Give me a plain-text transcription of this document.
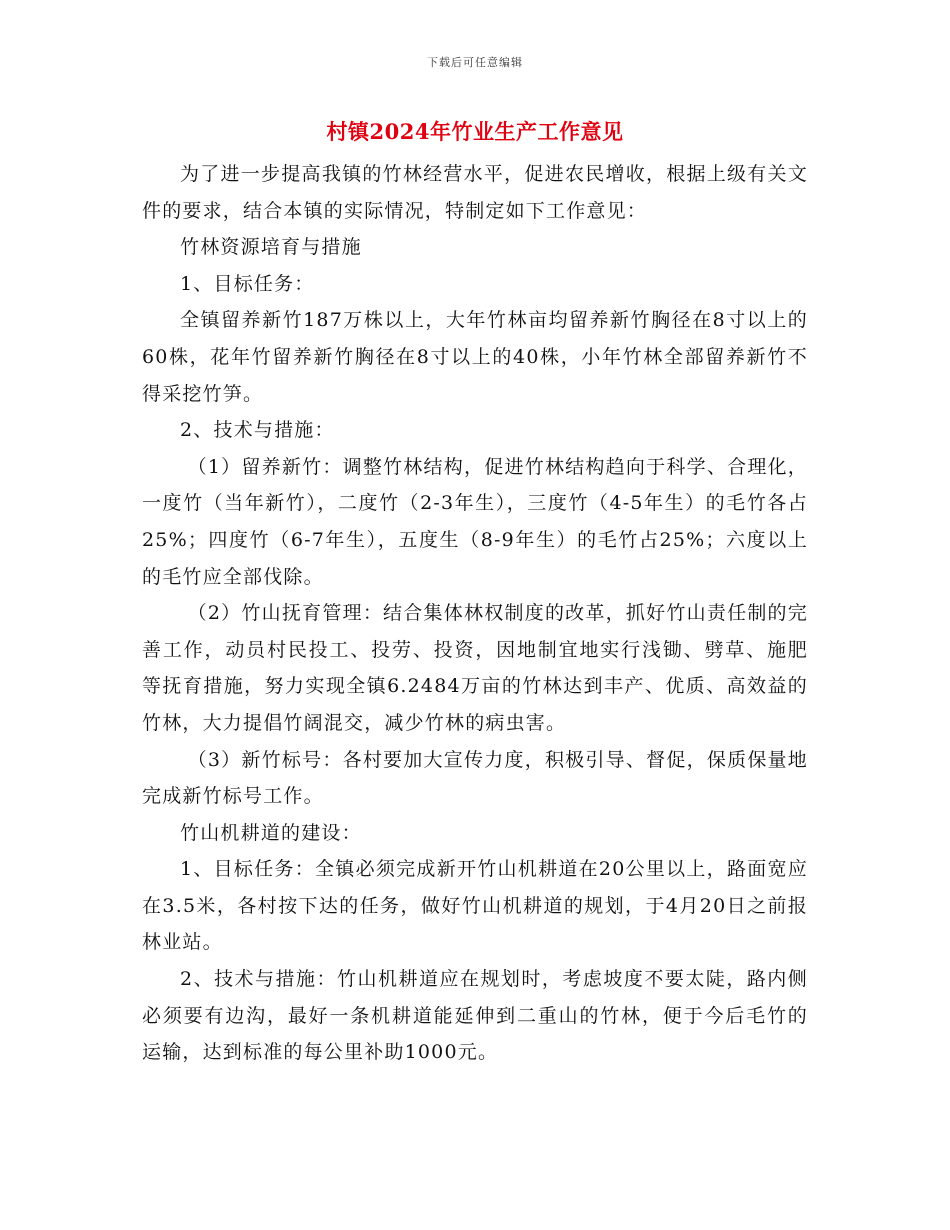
下载后可任意编辑
村镇2024年竹业生产工作意见

为了进一步提高我镇的竹林经营水平，促进农民增收，根据上级有关文件的要求，结合本镇的实际情况，特制定如下工作意见：

竹林资源培育与措施

1、目标任务：

全镇留养新竹187万株以上，大年竹林亩均留养新竹胸径在8寸以上的60株，花年竹留养新竹胸径在8寸以上的40株，小年竹林全部留养新竹不得采挖竹笋。

2、技术与措施：

（1）留养新竹：调整竹林结构，促进竹林结构趋向于科学、合理化，一度竹（当年新竹），二度竹（2-3年生），三度竹（4-5年生）的毛竹各占25%；四度竹（6-7年生），五度生（8-9年生）的毛竹占25%；六度以上的毛竹应全部伐除。

（2）竹山抚育管理：结合集体林权制度的改革，抓好竹山责任制的完善工作，动员村民投工、投劳、投资，因地制宜地实行浅锄、劈草、施肥等抚育措施，努力实现全镇6.2484万亩的竹林达到丰产、优质、高效益的竹林，大力提倡竹阔混交，减少竹林的病虫害。

（3）新竹标号：各村要加大宣传力度，积极引导、督促，保质保量地完成新竹标号工作。

竹山机耕道的建设：

1、目标任务：全镇必须完成新开竹山机耕道在20公里以上，路面宽应在3.5米，各村按下达的任务，做好竹山机耕道的规划，于4月20日之前报林业站。

2、技术与措施：竹山机耕道应在规划时，考虑坡度不要太陡，路内侧必须要有边沟，最好一条机耕道能延伸到二重山的竹林，便于今后毛竹的运输，达到标准的每公里补助1000元。
